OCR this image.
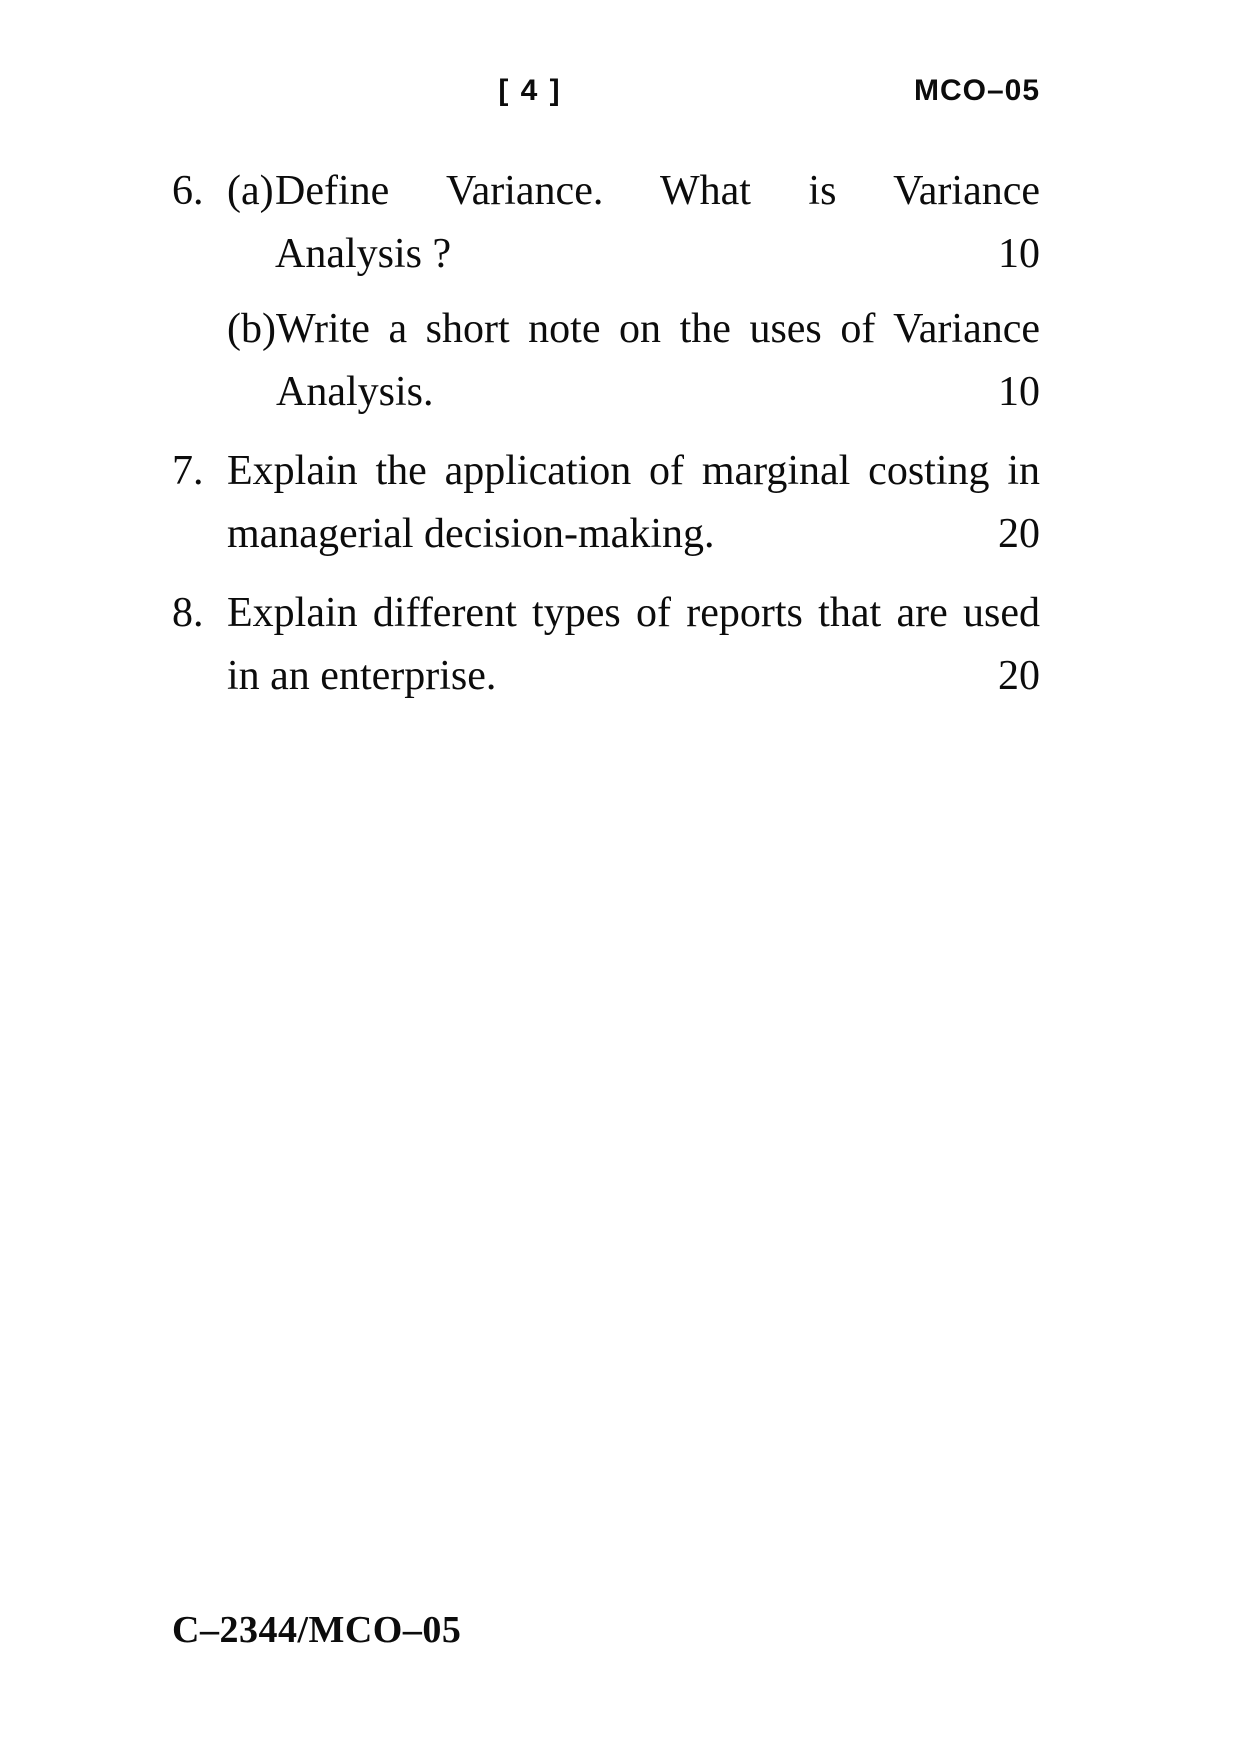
[ 4 ]	MCO–05
6. (a) Define Variance. What is Variance
Analysis ?	10
(b) Write a short note on the uses of Variance
Analysis.	10
7. Explain the application of marginal costing in
managerial decision-making.	20
8. Explain different types of reports that are used
in an enterprise.	20
C–2344/MCO–05
